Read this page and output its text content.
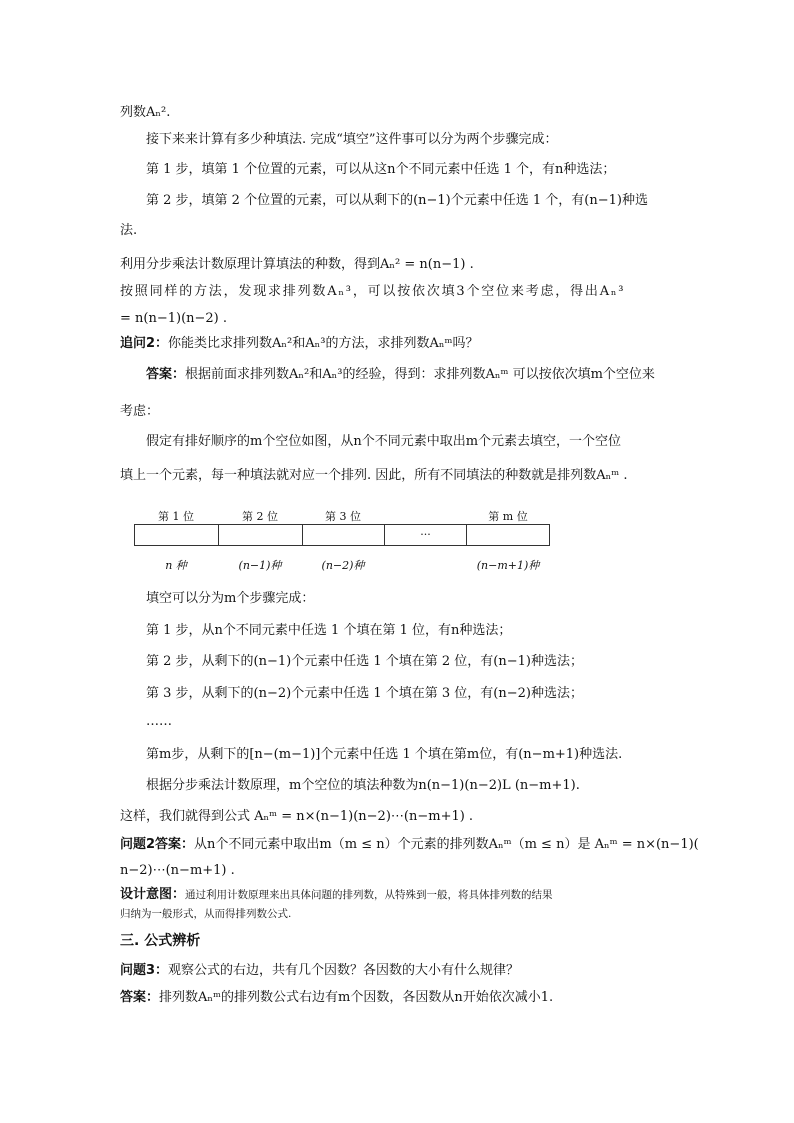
列数Aₙ².
接下来来计算有多少种填法. 完成“填空”这件事可以分为两个步骤完成：
第 1 步，填第 1 个位置的元素，可以从这n个不同元素中任选 1 个，有n种选法；
第 2 步，填第 2 个位置的元素，可以从剩下的(n−1)个元素中任选 1 个，有(n−1)种选
法.
利用分步乘法计数原理计算填法的种数，得到Aₙ² = n(n−1) .
按照同样的方法，发现求排列数Aₙ³，可以按依次填3个空位来考虑，得出Aₙ³
= n(n−1)(n−2) .
追问2：你能类比求排列数Aₙ²和Aₙ³的方法，求排列数Aₙᵐ吗？
答案：根据前面求排列数Aₙ²和Aₙ³的经验，得到：求排列数Aₙᵐ 可以按依次填m个空位来
考虑：
假定有排好顺序的m个空位如图，从n个不同元素中取出m个元素去填空，一个空位
填上一个元素，每一种填法就对应一个排列. 因此，所有不同填法的种数就是排列数Aₙᵐ .
第 1 位	第 2 位	第 3 位	第 m 位
···
n 种	(n−1)种	(n−2)种	(n−m+1)种
填空可以分为m个步骤完成：
第 1 步，从n个不同元素中任选 1 个填在第 1 位，有n种选法；
第 2 步，从剩下的(n−1)个元素中任选 1 个填在第 2 位，有(n−1)种选法；
第 3 步，从剩下的(n−2)个元素中任选 1 个填在第 3 位，有(n−2)种选法；
……
第m步，从剩下的[n−(m−1)]个元素中任选 1 个填在第m位，有(n−m+1)种选法.
根据分步乘法计数原理，m个空位的填法种数为n(n−1)(n−2)L (n−m+1).
这样，我们就得到公式 Aₙᵐ = n×(n−1)(n−2)⋯(n−m+1) .
问题2答案：从n个不同元素中取出m（m ≤ n）个元素的排列数Aₙᵐ（m ≤ n）是 Aₙᵐ = n×(n−1)(
n−2)⋯(n−m+1) .
设计意图：通过利用计数原理来出具体问题的排列数，从特殊到一般，将具体排列数的结果
归纳为一般形式，从而得排列数公式.
三. 公式辨析
问题3：观察公式的右边，共有几个因数？各因数的大小有什么规律？
答案：排列数Aₙᵐ的排列数公式右边有m个因数，各因数从n开始依次减小1.
